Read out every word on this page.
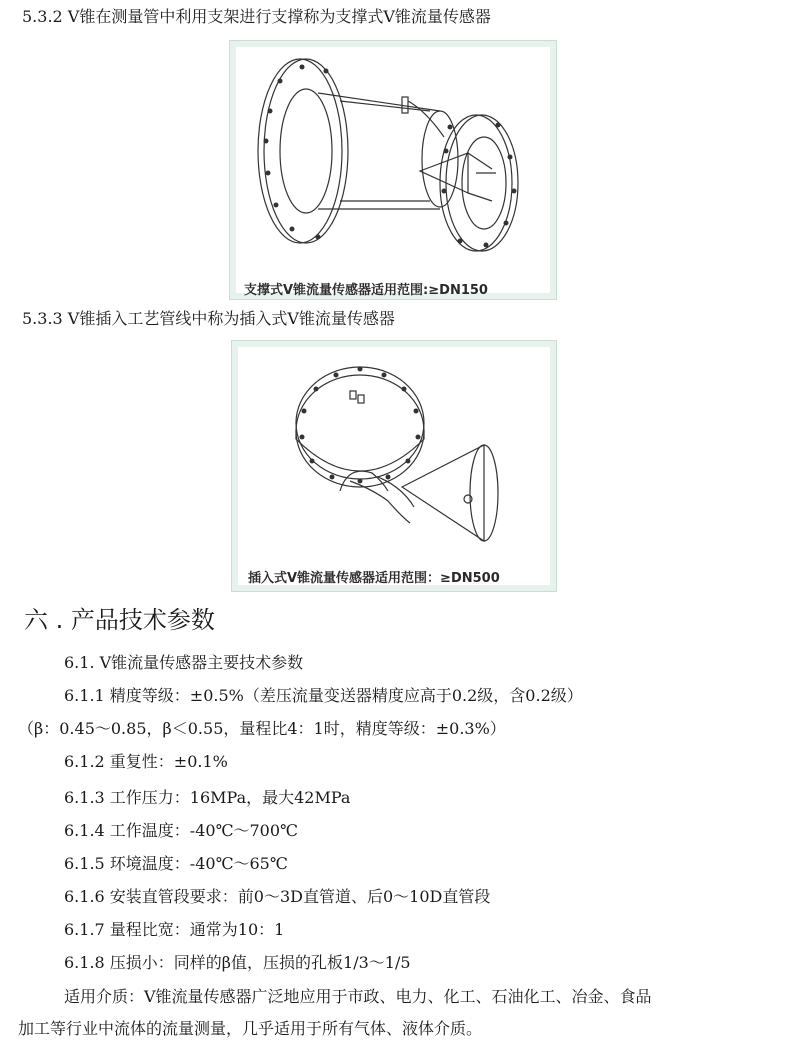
5.3.2 V锥在测量管中利用支架进行支撑称为支撑式V锥流量传感器
支撑式V锥流量传感器适用范围:≥DN150
5.3.3 V锥插入工艺管线中称为插入式V锥流量传感器
插入式V锥流量传感器适用范围：≥DN500
六 . 产品技术参数
6.1. V锥流量传感器主要技术参数
6.1.1 精度等级：±0.5%（差压流量变送器精度应高于0.2级，含0.2级）
（β：0.45～0.85，β＜0.55，量程比4：1时，精度等级：±0.3%）
6.1.2 重复性：±0.1%
6.1.3 工作压力：16MPa，最大42MPa
6.1.4 工作温度：-40℃～700℃
6.1.5 环境温度：-40℃～65℃
6.1.6 安装直管段要求：前0～3D直管道、后0～10D直管段
6.1.7 量程比宽：通常为10：1
6.1.8 压损小：同样的β值，压损的孔板1/3～1/5
适用介质：V锥流量传感器广泛地应用于市政、电力、化工、石油化工、冶金、食品
加工等行业中流体的流量测量，几乎适用于所有气体、液体介质。
